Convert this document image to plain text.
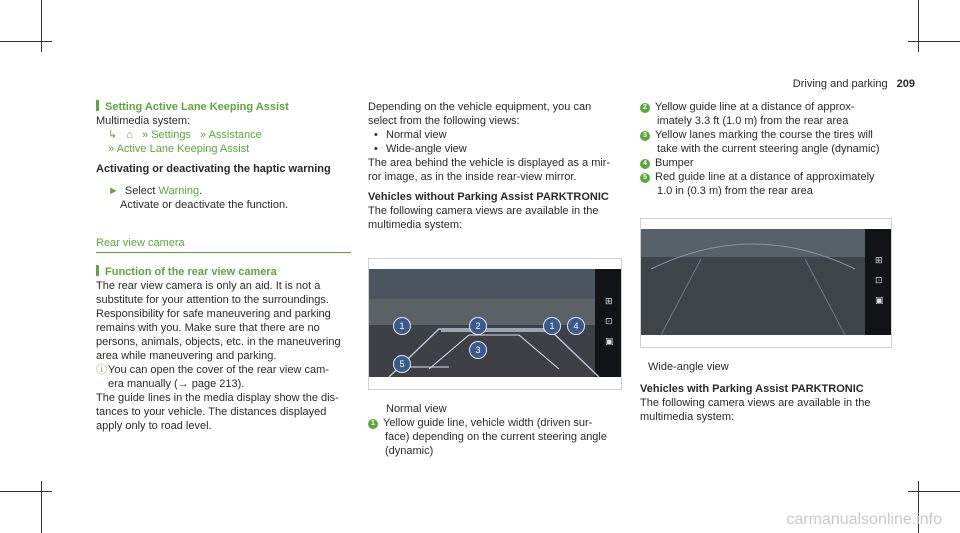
Driving and parking 209
Setting Active Lane Keeping Assist
Multimedia system:
↳ ⌂ » Settings » Assistance
» Active Lane Keeping Assist
Activating or deactivating the haptic warning
► Select Warning.
Activate or deactivate the function.
Rear view camera
Function of the rear view camera
The rear view camera is only an aid. It is not a
substitute for your attention to the surroundings.
Responsibility for safe maneuvering and parking
remains with you. Make sure that there are no
persons, animals, objects, etc. in the maneuvering
area while maneuvering and parking.
ⓘ You can open the cover of the rear view cam-
era manually (→ page 213).
The guide lines in the media display show the dis-
tances to your vehicle. The distances displayed
apply only to road level.
Depending on the vehicle equipment, you can
select from the following views:
• Normal view
• Wide-angle view
The area behind the vehicle is displayed as a mir-
ror image, as in the inside rear-view mirror.
Vehicles without Parking Assist PARKTRONIC
The following camera views are available in the
multimedia system:
⊞
⊡
▣
1	2	1	4
3
5
Normal view
1 Yellow guide line, vehicle width (driven sur-
face) depending on the current steering angle
(dynamic)
2 Yellow guide line at a distance of approx-
imately 3.3 ft (1.0 m) from the rear area
3 Yellow lanes marking the course the tires will
take with the current steering angle (dynamic)
4 Bumper
5 Red guide line at a distance of approximately
1.0 in (0.3 m) from the rear area
⊞
⊡
▣
Wide-angle view
Vehicles with Parking Assist PARKTRONIC
The following camera views are available in the
multimedia system:
carmanualsonline.info
